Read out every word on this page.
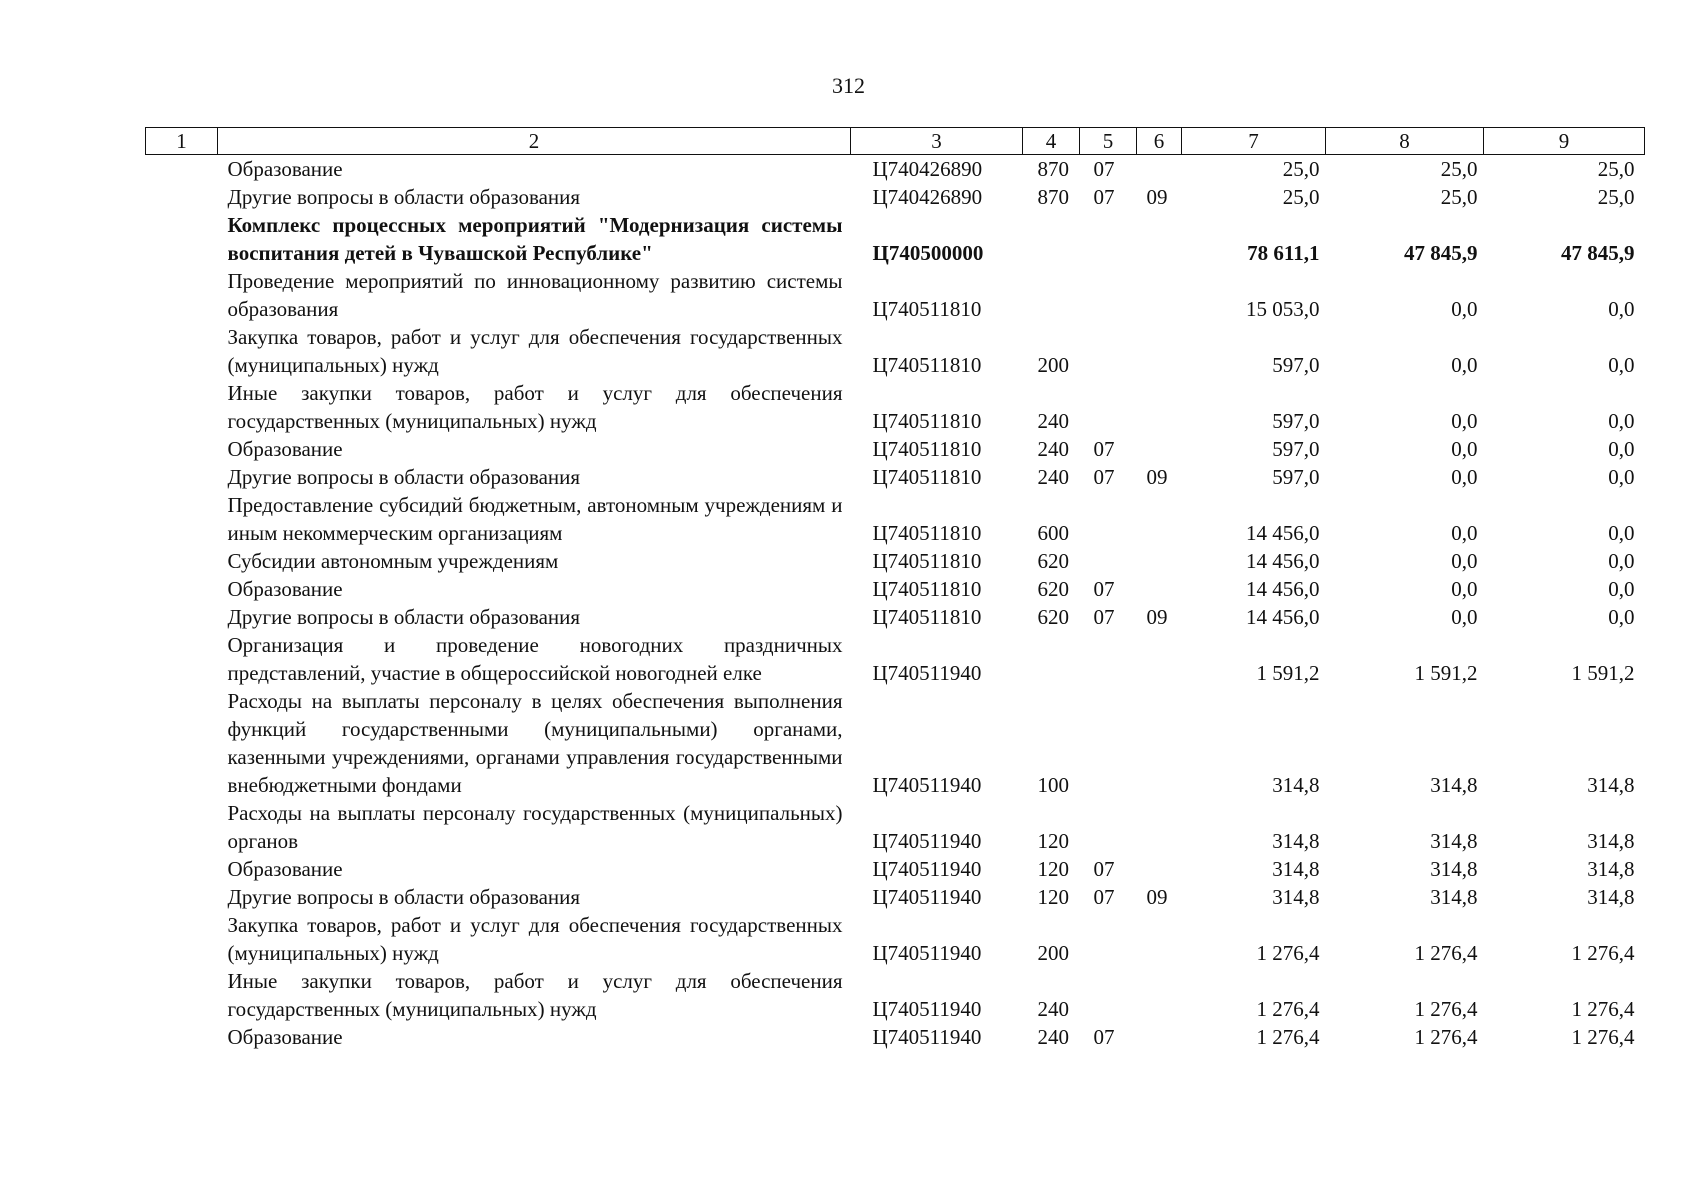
312
1	2	3	4	5	6	7	8	9
	Образование	Ц740426890	870	07		25,0	25,0	25,0
	Другие вопросы в области образования	Ц740426890	870	07	09	25,0	25,0	25,0
	Комплекс процессных мероприятий "Модернизация системы воспитания детей в Чувашской Республике"	Ц740500000				78 611,1	47 845,9	47 845,9
	Проведение мероприятий по инновационному развитию системы образования	Ц740511810				15 053,0	0,0	0,0
	Закупка товаров, работ и услуг для обеспечения государственных (муниципальных) нужд	Ц740511810	200			597,0	0,0	0,0
	Иные закупки товаров, работ и услуг для обеспечения государственных (муниципальных) нужд	Ц740511810	240			597,0	0,0	0,0
	Образование	Ц740511810	240	07		597,0	0,0	0,0
	Другие вопросы в области образования	Ц740511810	240	07	09	597,0	0,0	0,0
	Предоставление субсидий бюджетным, автономным учреждениям и иным некоммерческим организациям	Ц740511810	600			14 456,0	0,0	0,0
	Субсидии автономным учреждениям	Ц740511810	620			14 456,0	0,0	0,0
	Образование	Ц740511810	620	07		14 456,0	0,0	0,0
	Другие вопросы в области образования	Ц740511810	620	07	09	14 456,0	0,0	0,0
	Организация и проведение новогодних праздничных представлений, участие в общероссийской новогодней елке	Ц740511940				1 591,2	1 591,2	1 591,2
	Расходы на выплаты персоналу в целях обеспечения выполнения функций государственными (муниципальными) органами, казенными учреждениями, органами управления государственными внебюджетными фондами	Ц740511940	100			314,8	314,8	314,8
	Расходы на выплаты персоналу государственных (муниципальных) органов	Ц740511940	120			314,8	314,8	314,8
	Образование	Ц740511940	120	07		314,8	314,8	314,8
	Другие вопросы в области образования	Ц740511940	120	07	09	314,8	314,8	314,8
	Закупка товаров, работ и услуг для обеспечения государственных (муниципальных) нужд	Ц740511940	200			1 276,4	1 276,4	1 276,4
	Иные закупки товаров, работ и услуг для обеспечения государственных (муниципальных) нужд	Ц740511940	240			1 276,4	1 276,4	1 276,4
	Образование	Ц740511940	240	07		1 276,4	1 276,4	1 276,4
